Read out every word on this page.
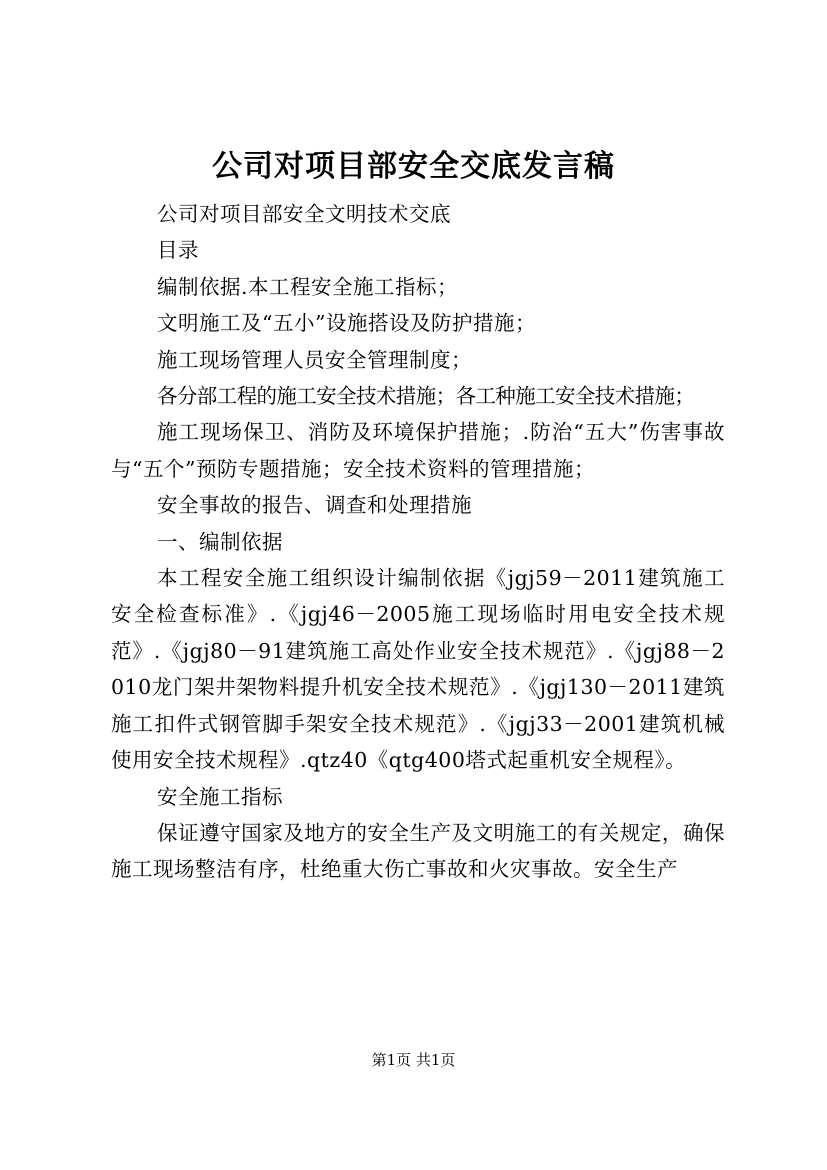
公司对项目部安全交底发言稿

公司对项目部安全文明技术交底

目录

编制依据.本工程安全施工指标；

文明施工及“五小”设施搭设及防护措施；

施工现场管理人员安全管理制度；

各分部工程的施工安全技术措施；各工种施工安全技术措施；

施工现场保卫、消防及环境保护措施；.防治“五大”伤害事故与“五个”预防专题措施；安全技术资料的管理措施；

安全事故的报告、调查和处理措施

一、编制依据

本工程安全施工组织设计编制依据《jgj59－2011建筑施工安全检查标准》.《jgj46－2005施工现场临时用电安全技术规范》.《jgj80－91建筑施工高处作业安全技术规范》.《jgj88－2010龙门架井架物料提升机安全技术规范》.《jgj130－2011建筑施工扣件式钢管脚手架安全技术规范》.《jgj33－2001建筑机械使用安全技术规程》.qtz40《qtg400塔式起重机安全规程》。

安全施工指标

保证遵守国家及地方的安全生产及文明施工的有关规定，确保施工现场整洁有序，杜绝重大伤亡事故和火灾事故。安全生产

第1页 共1页
